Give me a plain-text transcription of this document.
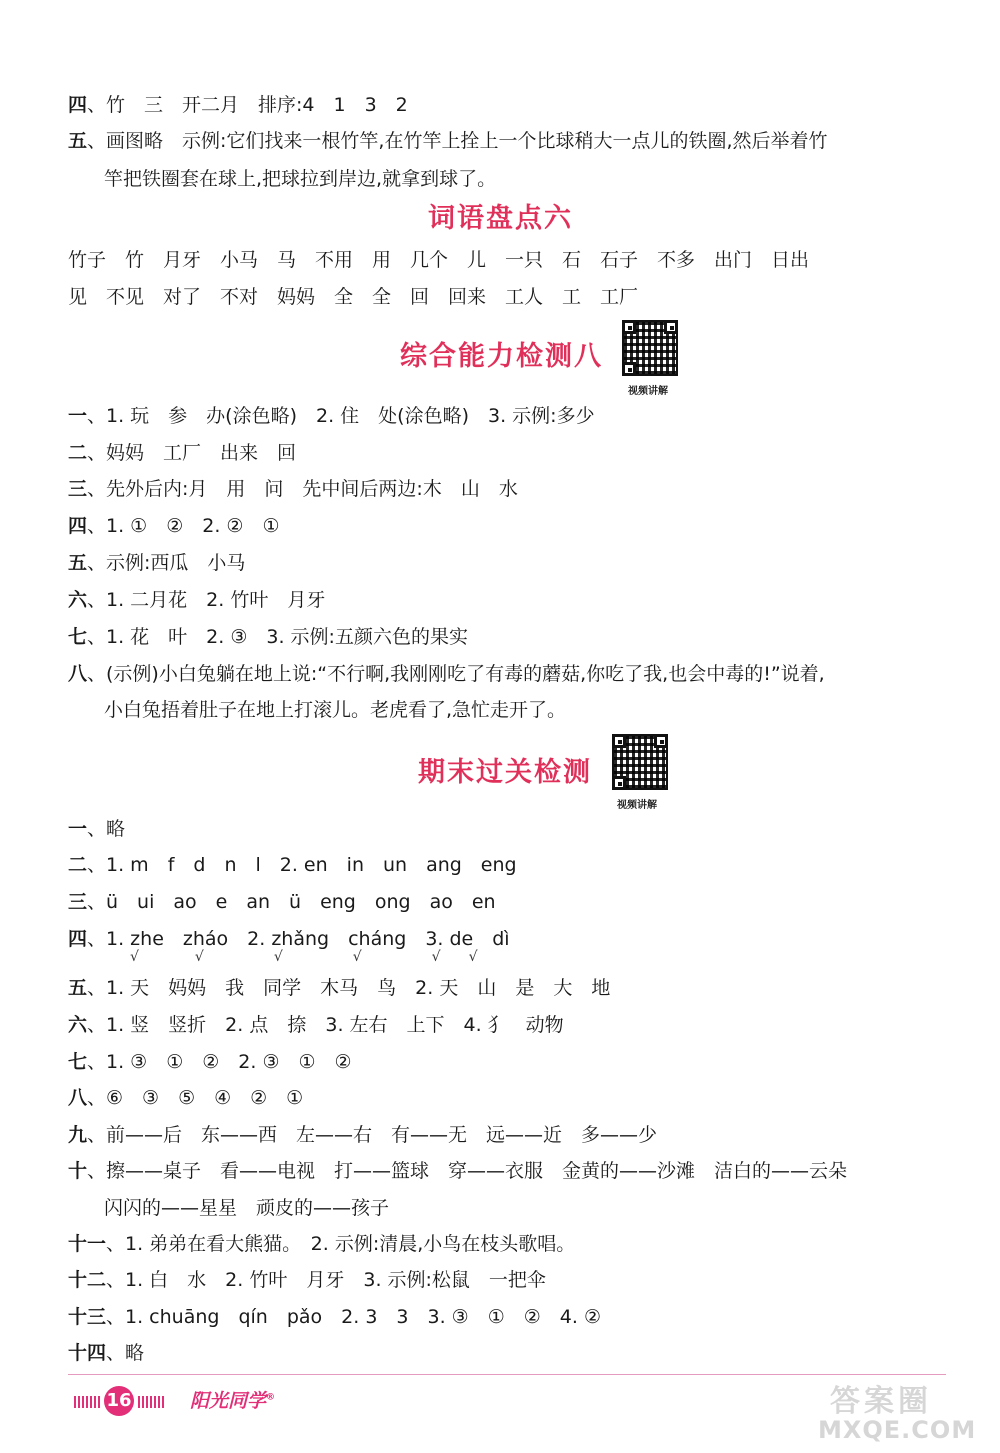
四、竹　三　开二月　排序:4　1　3　2
五、画图略　示例:它们找来一根竹竿,在竹竿上拴上一个比球稍大一点儿的铁圈,然后举着竹
竿把铁圈套在球上,把球拉到岸边,就拿到球了。
词语盘点六
竹子　竹　月牙　小马　马　不用　用　几个　儿　一只　石　石子　不多　出门　日出
见　不见　对了　不对　妈妈　全　全　回　回来　工人　工　工厂
综合能力检测八
视频讲解
一、1. 玩　参　办(涂色略)　2. 住　处(涂色略)　3. 示例:多少
二、妈妈　工厂　出来　回
三、先外后内:月　用　问　先中间后两边:木　山　水
四、1. ①　②　2. ②　①
五、示例:西瓜　小马
六、1. 二月花　2. 竹叶　月牙
七、1. 花　叶　2. ③　3. 示例:五颜六色的果实
八、(示例)小白兔躺在地上说:“不行啊,我刚刚吃了有毒的蘑菇,你吃了我,也会中毒的!”说着,
小白兔捂着肚子在地上打滚儿。老虎看了,急忙走开了。
期末过关检测
视频讲解
一、略
二、1. m　f　d　n　l　2. en　in　un　ang　eng
三、ü　ui　ao　e　an　ü　eng　ong　ao　en
四、1. zhe　zháo　2. zhǎng　cháng　3. de　dì
√　　　　√　　　　　√　　　　　√　　　　　√　　√
五、1. 天　妈妈　我　同学　木马　鸟　2. 天　山　是　大　地
六、1. 竖　竖折　2. 点　捺　3. 左右　上下　4. 犭　动物
七、1. ③　①　②　2. ③　①　②
八、⑥　③　⑤　④　②　①
九、前——后　东——西　左——右　有——无　远——近　多——少
十、擦——桌子　看——电视　打——篮球　穿——衣服　金黄的——沙滩　洁白的——云朵
闪闪的——星星　顽皮的——孩子
十一、1. 弟弟在看大熊猫。　2. 示例:清晨,小鸟在枝头歌唱。
十二、1. 白　水　2. 竹叶　月牙　3. 示例:松鼠　一把伞
十三、1. chuāng　qín　pǎo　2. 3　3　3. ③　①　②　4. ②
十四、略
16	阳光同学®	答案圈
MXQE.COM
